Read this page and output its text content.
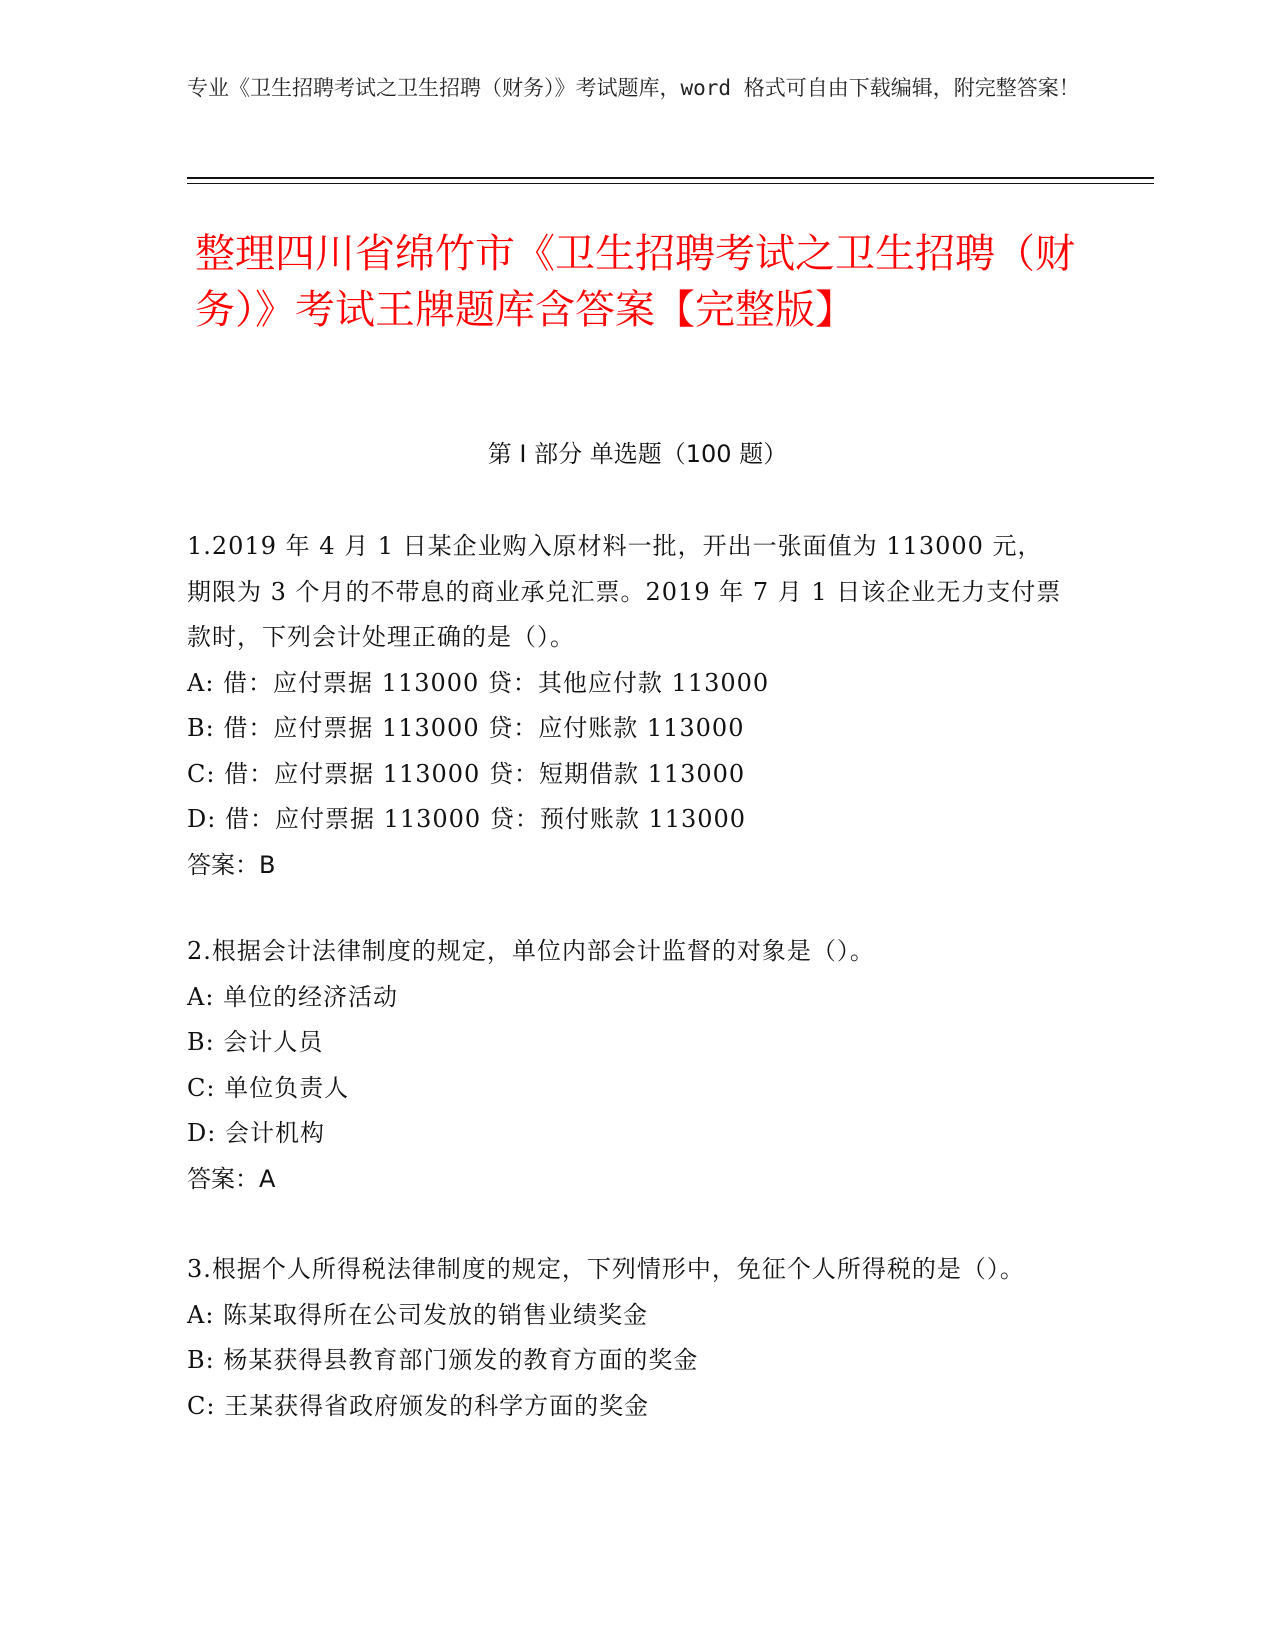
专业《卫生招聘考试之卫生招聘（财务）》考试题库，word 格式可自由下载编辑，附完整答案！
整理四川省绵竹市《卫生招聘考试之卫生招聘（财务）》考试王牌题库含答案【完整版】
第 I 部分 单选题（100 题）
1.2019 年 4 月 1 日某企业购入原材料一批，开出一张面值为 113000 元，期限为 3 个月的不带息的商业承兑汇票。2019 年 7 月 1 日该企业无力支付票款时，下列会计处理正确的是（）。
A: 借：应付票据 113000 贷：其他应付款 113000
B: 借：应付票据 113000 贷：应付账款 113000
C: 借：应付票据 113000 贷：短期借款 113000
D: 借：应付票据 113000 贷：预付账款 113000
答案：B
2.根据会计法律制度的规定，单位内部会计监督的对象是（）。
A: 单位的经济活动
B: 会计人员
C: 单位负责人
D: 会计机构
答案：A
3.根据个人所得税法律制度的规定，下列情形中，免征个人所得税的是（）。
A: 陈某取得所在公司发放的销售业绩奖金
B: 杨某获得县教育部门颁发的教育方面的奖金
C: 王某获得省政府颁发的科学方面的奖金
